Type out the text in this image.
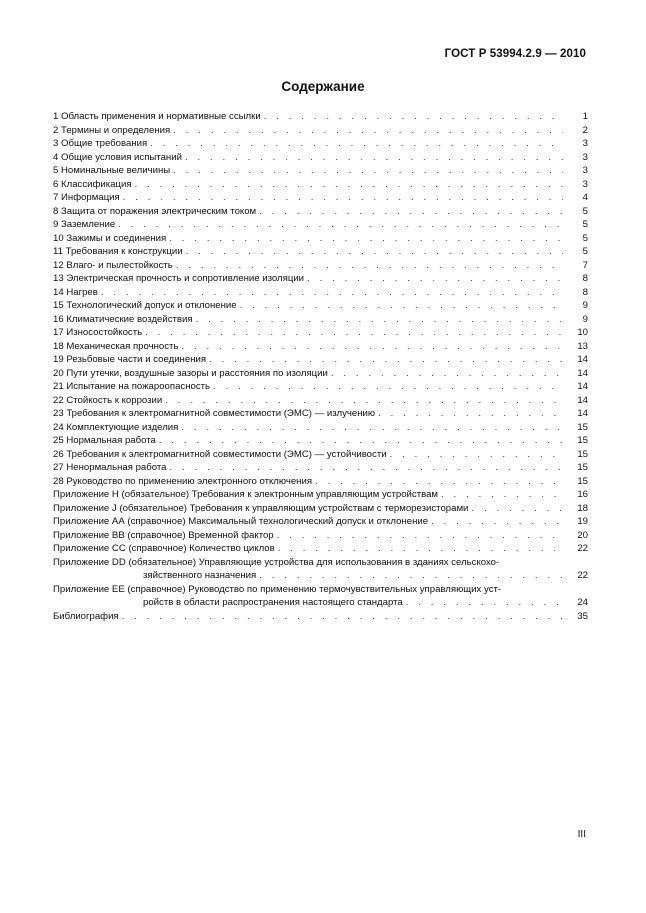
ГОСТ Р 53994.2.9 — 2010
Содержание
1 Область применения и нормативные ссылки . . .	1
2 Термины и определения . . .	2
3 Общие требования . . .	3
4 Общие условия испытаний . . .	3
5 Номинальные величины . . .	3
6 Классификация . . .	3
7 Информация . . .	4
8 Защита от поражения электрическим током . . .	5
9 Заземление . . .	5
10 Зажимы и соединения . . .	5
11 Требования к конструкции . . .	5
12 Влаго- и пылестойкость . . .	7
13 Электрическая прочность и сопротивление изоляции . . .	8
14 Нагрев . . .	8
15 Технологический допуск и отклонение . . .	9
16 Климатические воздействия . . .	9
17 Износостойкость . . .	10
18 Механическая прочность . . .	13
19 Резьбовые части и соединения . . .	14
20 Пути утечки, воздушные зазоры и расстояния по изоляции . . .	14
21 Испытание на пожароопасность . . .	14
22 Стойкость к коррозии . . .	14
23 Требования к электромагнитной совместимости (ЭМС) — излучению . . .	14
24 Комплектующие изделия . . .	15
25 Нормальная работа . . .	15
26 Требования к электромагнитной совместимости (ЭМС) — устойчивости . . .	15
27 Ненормальная работа . . .	15
28 Руководство по применению электронного отключения . . .	15
Приложение Н (обязательное) Требования к электронным управляющим устройствам . . .	16
Приложение J (обязательное) Требования к управляющим устройствам с терморезисторами . . .	18
Приложение АА (справочное) Максимальный технологический допуск и отклонение . . .	19
Приложение ВВ (справочное) Временной фактор . . .	20
Приложение СС (справочное) Количество циклов . . .	22
Приложение DD (обязательное) Управляющие устройства для использования в зданиях сельскохо-
зяйственного назначения . . .	22
Приложение ЕЕ (справочное) Руководство по применению термочувствительных управляющих уст-
ройств в области распространения настоящего стандарта . . .	24
Библиография . . .	35
III
